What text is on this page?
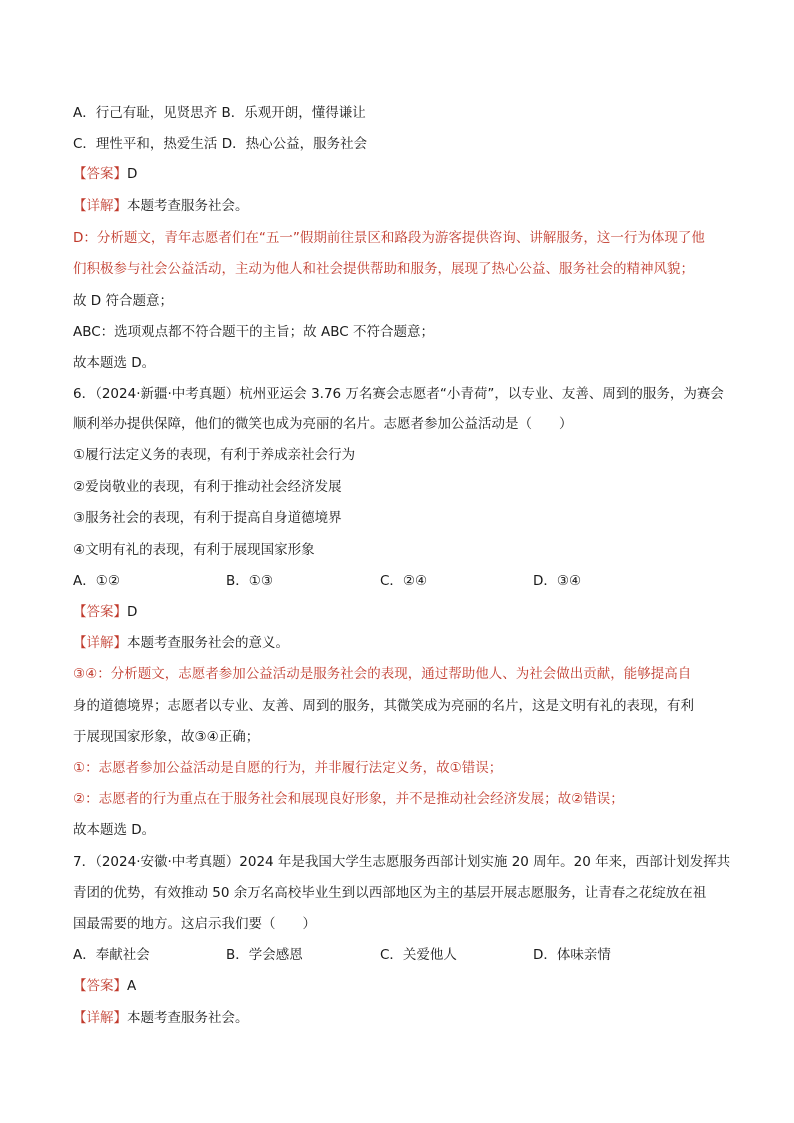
A．行己有耻，见贤思齐 B．乐观开朗，懂得谦让
C．理性平和，热爱生活 D．热心公益，服务社会
【答案】D
【详解】本题考查服务社会。
D：分析题文，青年志愿者们在“五一”假期前往景区和路段为游客提供咨询、讲解服务，这一行为体现了他
们积极参与社会公益活动，主动为他人和社会提供帮助和服务，展现了热心公益、服务社会的精神风貌；
故 D 符合题意；
ABC：选项观点都不符合题干的主旨；故 ABC 不符合题意；
故本题选 D。
6．（2024·新疆·中考真题）杭州亚运会 3.76 万名赛会志愿者“小青荷”，以专业、友善、周到的服务，为赛会
顺利举办提供保障，他们的微笑也成为亮丽的名片。志愿者参加公益活动是（　　）
①履行法定义务的表现，有利于养成亲社会行为
②爱岗敬业的表现，有利于推动社会经济发展
③服务社会的表现，有利于提高自身道德境界
④文明有礼的表现，有利于展现国家形象
A．①②	B．①③	C．②④	D．③④
【答案】D
【详解】本题考查服务社会的意义。
③④：分析题文，志愿者参加公益活动是服务社会的表现，通过帮助他人、为社会做出贡献，能够提高自
身的道德境界；志愿者以专业、友善、周到的服务，其微笑成为亮丽的名片，这是文明有礼的表现，有利
于展现国家形象，故③④正确；
①：志愿者参加公益活动是自愿的行为，并非履行法定义务，故①错误；
②：志愿者的行为重点在于服务社会和展现良好形象，并不是推动社会经济发展；故②错误；
故本题选 D。
7．（2024·安徽·中考真题）2024 年是我国大学生志愿服务西部计划实施 20 周年。20 年来，西部计划发挥共
青团的优势，有效推动 50 余万名高校毕业生到以西部地区为主的基层开展志愿服务，让青春之花绽放在祖
国最需要的地方。这启示我们要（　　）
A．奉献社会	B．学会感恩	C．关爱他人	D．体味亲情
【答案】A
【详解】本题考查服务社会。
